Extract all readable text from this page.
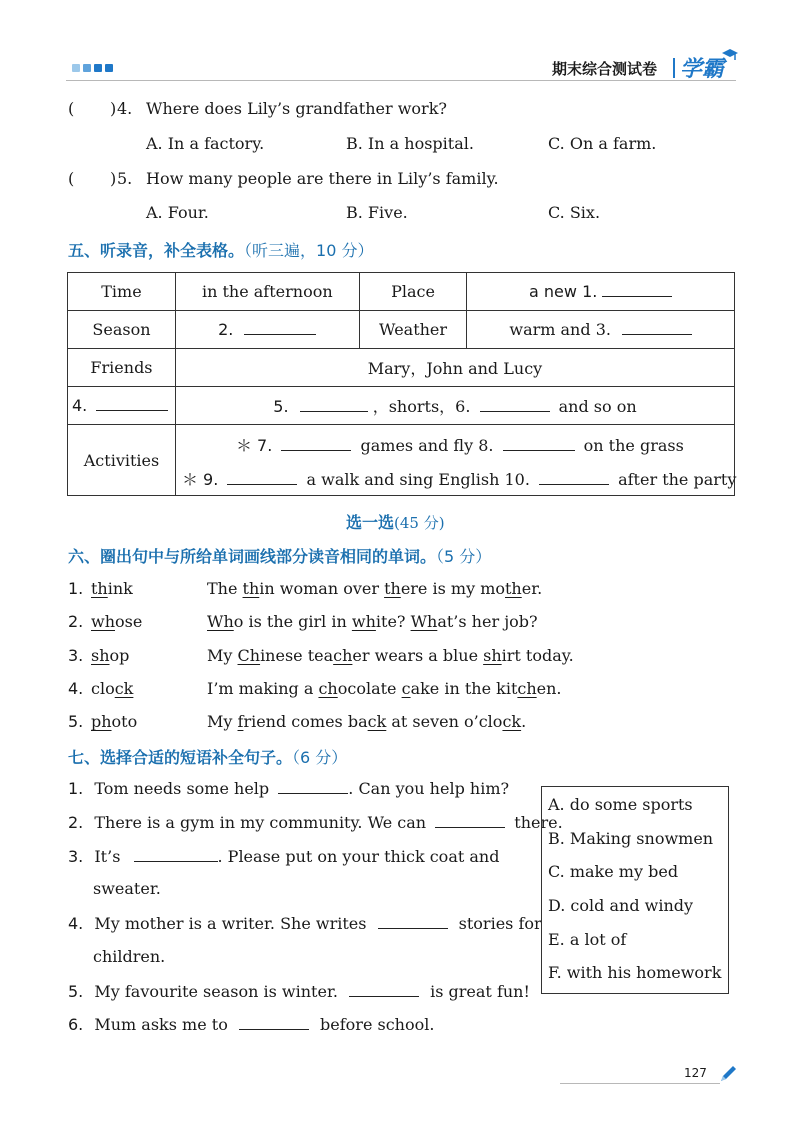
期末综合测试卷 学霸
( ) 4. Where does Lily’s grandfather work?
A. In a factory.	B. In a hospital.	C. On a farm.
( ) 5. How many people are there in Lily’s family.
A. Four.	B. Five.	C. Six.
五、听录音，补全表格。（听三遍，10 分）
Time	in the afternoon	Place	a new 1.
Season	2.	Weather	warm and 3.
Friends	Mary，John and Lucy		
4.	5. ，shorts，6. and so on		
Activities	＊ 7. games and fly 8. on the grass
＊ 9. a walk and sing English 10. after the party		
选一选(45 分)
六、圈出句中与所给单词画线部分读音相同的单词。（5 分）
1. think	The thin woman over there is my mother.
2. whose	Who is the girl in white? What’s her job?
3. shop	My Chinese teacher wears a blue shirt today.
4. clock	I’m making a chocolate cake in the kitchen.
5. photo	My friend comes back at seven o’clock.
七、选择合适的短语补全句子。（6 分）
1. Tom needs some help	. Can you help him?
2. There is a gym in my community. We can	there.
3. It’s	. Please put on your thick coat and
sweater.
4. My mother is a writer. She writes	stories for
children.
5. My favourite season is winter.	is great fun!
6. Mum asks me to	before school.
A. do some sports
B. Making snowmen
C. make my bed
D. cold and windy
E. a lot of
F. with his homework
127
